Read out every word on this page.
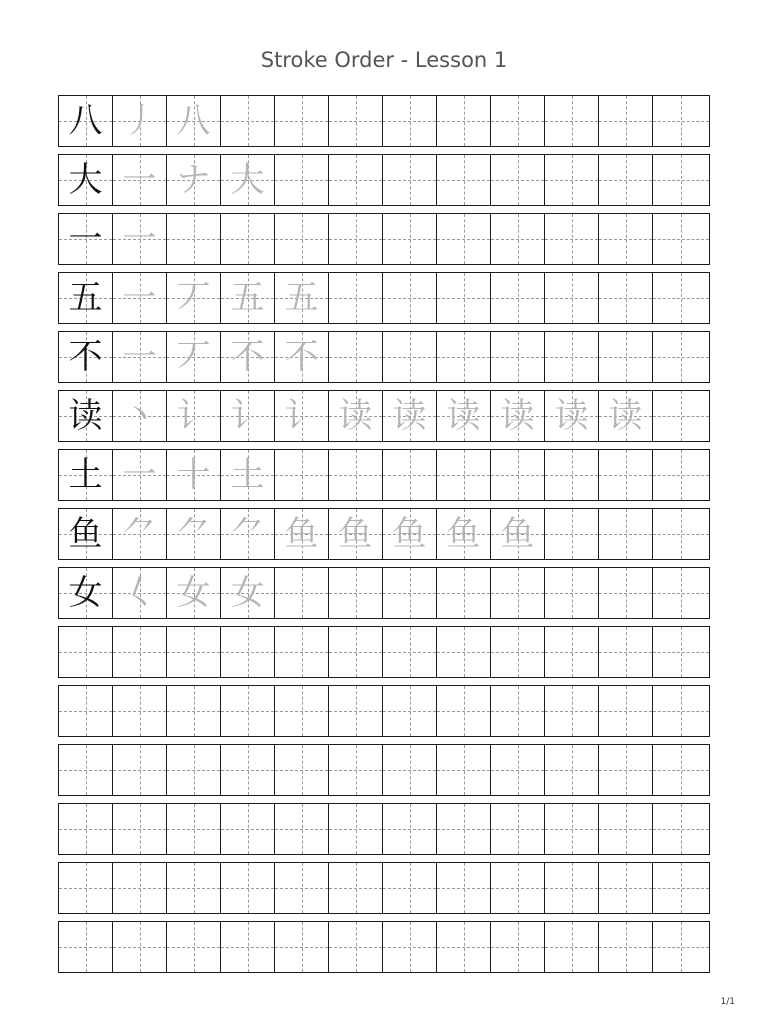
Stroke Order - Lesson 1
八 丿 八
大 一 ナ 大
一 一
五 一 丆 五 五
不 一 丆 不 不
读 丶 讠 讠 讠 读 读 读 读 读 读
土 一 十 土
鱼 ⺈ ⺈ ⺈ 鱼 鱼 鱼 鱼 鱼
女 𡿨 女 女
1/1
